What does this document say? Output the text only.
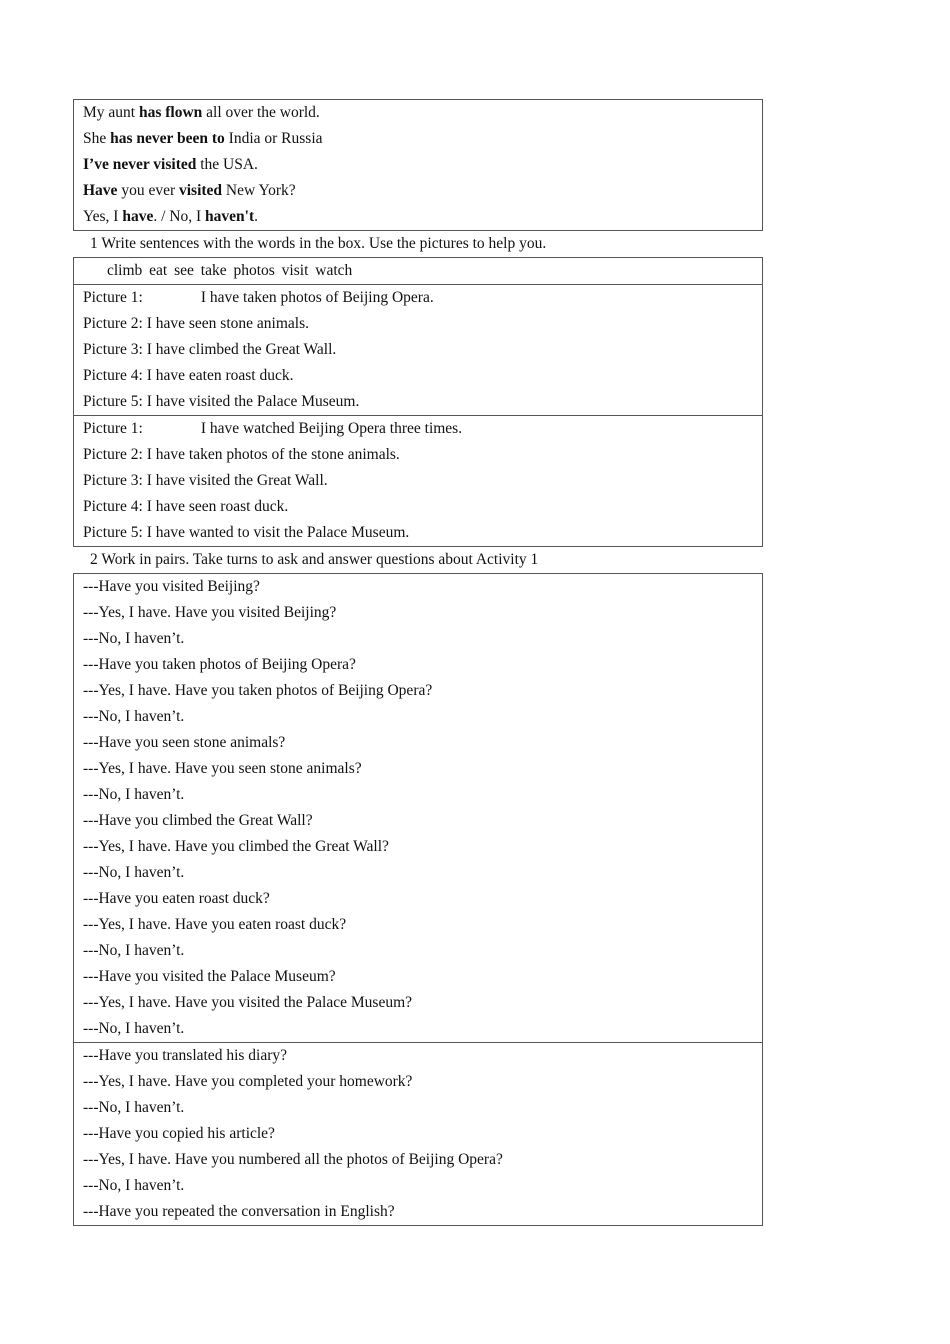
My aunt has flown all over the world.
She has never been to India or Russia
I’ve never visited the USA.
Have you ever visited New York?
Yes, I have. / No, I haven't.
1 Write sentences with the words in the box. Use the pictures to help you.
climb eat see take photos visit watch
Picture 1:	I have taken photos of Beijing Opera.
Picture 2: I have seen stone animals.
Picture 3: I have climbed the Great Wall.
Picture 4: I have eaten roast duck.
Picture 5: I have visited the Palace Museum.
Picture 1:	I have watched Beijing Opera three times.
Picture 2: I have taken photos of the stone animals.
Picture 3: I have visited the Great Wall.
Picture 4: I have seen roast duck.
Picture 5: I have wanted to visit the Palace Museum.
2 Work in pairs. Take turns to ask and answer questions about Activity 1
---Have you visited Beijing?
---Yes, I have. Have you visited Beijing?
---No, I haven’t.
---Have you taken photos of Beijing Opera?
---Yes, I have. Have you taken photos of Beijing Opera?
---No, I haven’t.
---Have you seen stone animals?
---Yes, I have. Have you seen stone animals?
---No, I haven’t.
---Have you climbed the Great Wall?
---Yes, I have. Have you climbed the Great Wall?
---No, I haven’t.
---Have you eaten roast duck?
---Yes, I have. Have you eaten roast duck?
---No, I haven’t.
---Have you visited the Palace Museum?
---Yes, I have. Have you visited the Palace Museum?
---No, I haven’t.
---Have you translated his diary?
---Yes, I have. Have you completed your homework?
---No, I haven’t.
---Have you copied his article?
---Yes, I have. Have you numbered all the photos of Beijing Opera?
---No, I haven’t.
---Have you repeated the conversation in English?
